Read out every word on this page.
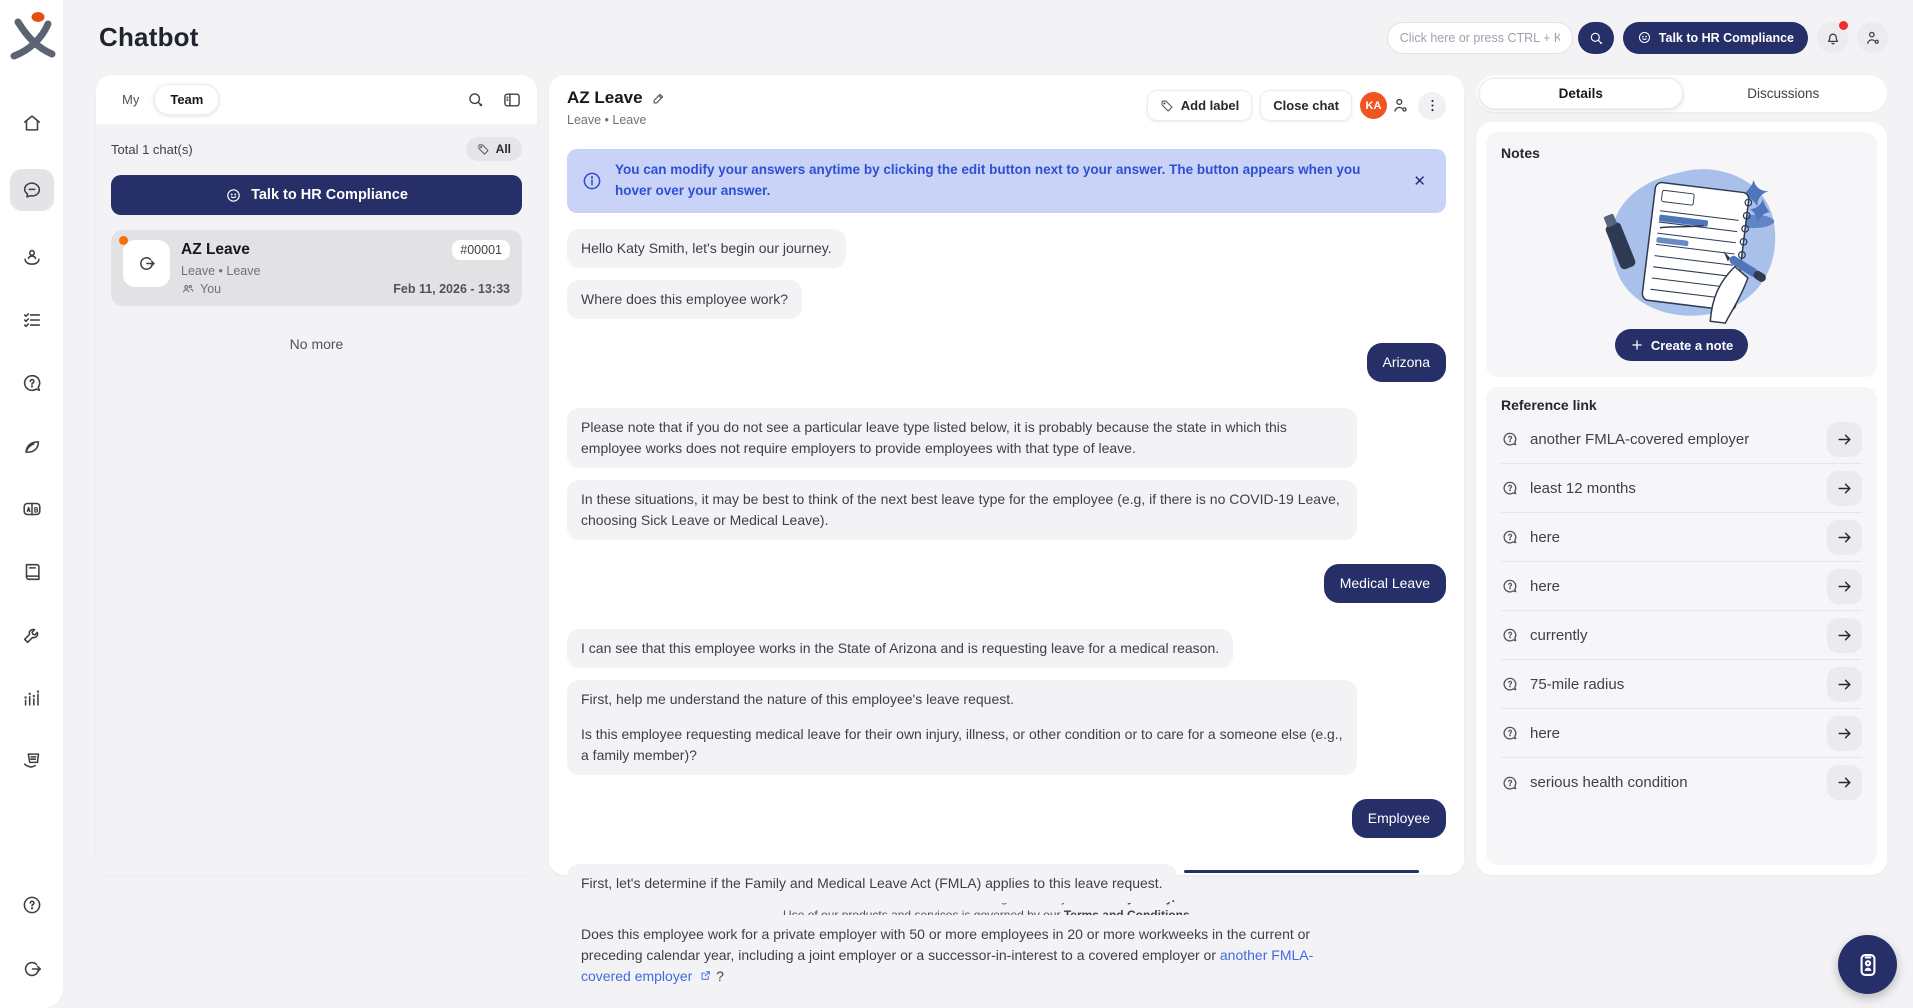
Chatbot
Click here or press CTRL + K	Talk to HR Compliance
My	Team
Total 1 chat(s)	All
Talk to HR Compliance
AZ Leave	#00001
Leave • Leave
You	Feb 11, 2026 - 13:33
No more
AZ Leave
Leave • Leave
Add label	Close chat	KA
You can modify your answers anytime by clicking the edit button next to your answer. The button appears when you hover over your answer.
✕

Hello Katy Smith, let's begin our journey.

Where does this employee work?

Arizona

Please note that if you do not see a particular leave type listed below, it is probably because the state in which this employee works does not require employers to provide employees with that type of leave.

In these situations, it may be best to think of the next best leave type for the employee (e.g, if there is no COVID-19 Leave, choosing Sick Leave or Medical Leave).

Medical Leave

I can see that this employee works in the State of Arizona and is requesting leave for a medical reason.

First, help me understand the nature of this employee's leave request.

Is this employee requesting medical leave for their own injury, illness, or other condition or to care for a someone else (e.g., a family member)?

Employee

First, let's determine if the Family and Medical Leave Act (FMLA) applies to this leave request.

Does this employee work for a private employer with 50 or more employees in 20 or more workweeks in the current or preceding calendar year, including a joint employer or a successor-in-interest to a covered employer or another FMLA-covered employer  ?

Details	Discussions
Notes
Create a note
Reference link
another FMLA-covered employer
least 12 months
here
here
currently
75-mile radius
here
serious health condition
